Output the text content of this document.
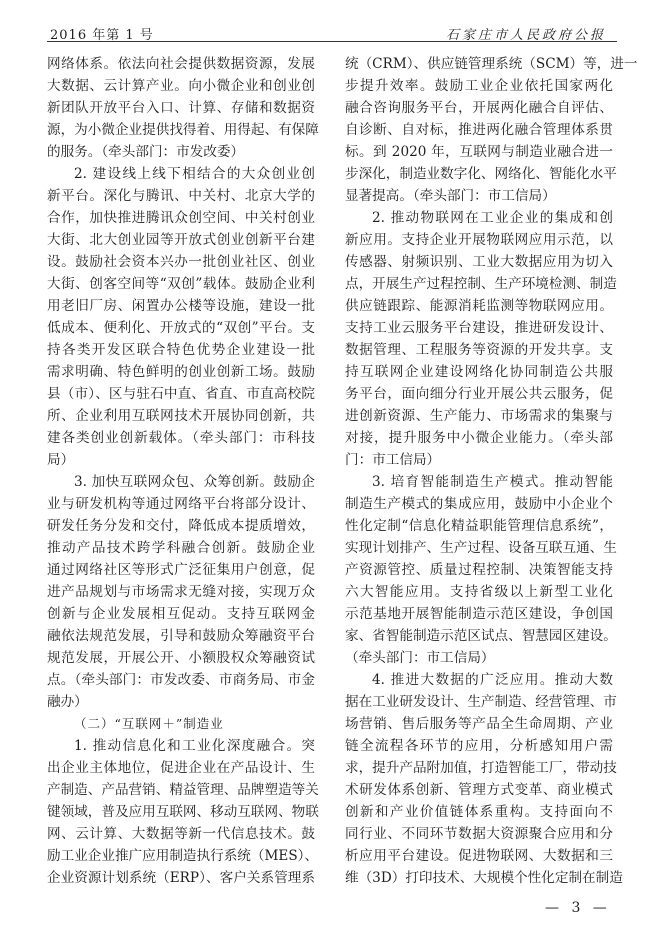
2016 年第 1 号	石家庄市人民政府公报
网络体系。依法向社会提供数据资源，发展
大数据、云计算产业。向小微企业和创业创
新团队开放平台入口、计算、存储和数据资
源，为小微企业提供找得着、用得起、有保障
的服务。（牵头部门：市发改委）
2. 建设线上线下相结合的大众创业创
新平台。深化与腾讯、中关村、北京大学的
合作，加快推进腾讯众创空间、中关村创业
大街、北大创业园等开放式创业创新平台建
设。鼓励社会资本兴办一批创业社区、创业
大街、创客空间等“双创”载体。鼓励企业利
用老旧厂房、闲置办公楼等设施，建设一批
低成本、便利化、开放式的“双创”平台。支
持各类开发区联合特色优势企业建设一批
需求明确、特色鲜明的创业创新工场。鼓励
县（市）、区与驻石中直、省直、市直高校院
所、企业利用互联网技术开展协同创新，共
建各类创业创新载体。（牵头部门：市科技
局）
3. 加快互联网众包、众筹创新。鼓励企
业与研发机构等通过网络平台将部分设计、
研发任务分发和交付，降低成本提质增效，
推动产品技术跨学科融合创新。鼓励企业
通过网络社区等形式广泛征集用户创意，促
进产品规划与市场需求无缝对接，实现万众
创新与企业发展相互促动。支持互联网金
融依法规范发展，引导和鼓励众筹融资平台
规范发展，开展公开、小额股权众筹融资试
点。（牵头部门：市发改委、市商务局、市金
融办）
（二）“互联网＋”制造业
1. 推动信息化和工业化深度融合。突
出企业主体地位，促进企业在产品设计、生
产制造、产品营销、精益管理、品牌塑造等关
键领域，普及应用互联网、移动互联网、物联
网、云计算、大数据等新一代信息技术。鼓
励工业企业推广应用制造执行系统（MES）、
企业资源计划系统（ERP）、客户关系管理系
统（CRM）、供应链管理系统（SCM）等，进一
步提升效率。鼓励工业企业依托国家两化
融合咨询服务平台，开展两化融合自评估、
自诊断、自对标，推进两化融合管理体系贯
标。到 2020 年，互联网与制造业融合进一
步深化，制造业数字化、网络化、智能化水平
显著提高。（牵头部门：市工信局）
2. 推动物联网在工业企业的集成和创
新应用。支持企业开展物联网应用示范，以
传感器、射频识别、工业大数据应用为切入
点，开展生产过程控制、生产环境检测、制造
供应链跟踪、能源消耗监测等物联网应用。
支持工业云服务平台建设，推进研发设计、
数据管理、工程服务等资源的开发共享。支
持互联网企业建设网络化协同制造公共服
务平台，面向细分行业开展公共云服务，促
进创新资源、生产能力、市场需求的集聚与
对接，提升服务中小微企业能力。（牵头部
门：市工信局）
3. 培育智能制造生产模式。推动智能
制造生产模式的集成应用，鼓励中小企业个
性化定制“信息化精益职能管理信息系统”，
实现计划排产、生产过程、设备互联互通、生
产资源管控、质量过程控制、决策智能支持
六大智能应用。支持省级以上新型工业化
示范基地开展智能制造示范区建设，争创国
家、省智能制造示范区试点、智慧园区建设。
（牵头部门：市工信局）
4. 推进大数据的广泛应用。推动大数
据在工业研发设计、生产制造、经营管理、市
场营销、售后服务等产品全生命周期、产业
链全流程各环节的应用，分析感知用户需
求，提升产品附加值，打造智能工厂，带动技
术研发体系创新、管理方式变革、商业模式
创新和产业价值链体系重构。支持面向不
同行业、不同环节数据大资源聚合应用和分
析应用平台建设。促进物联网、大数据和三
维（3D）打印技术、大规模个性化定制在制造
— 3 —
